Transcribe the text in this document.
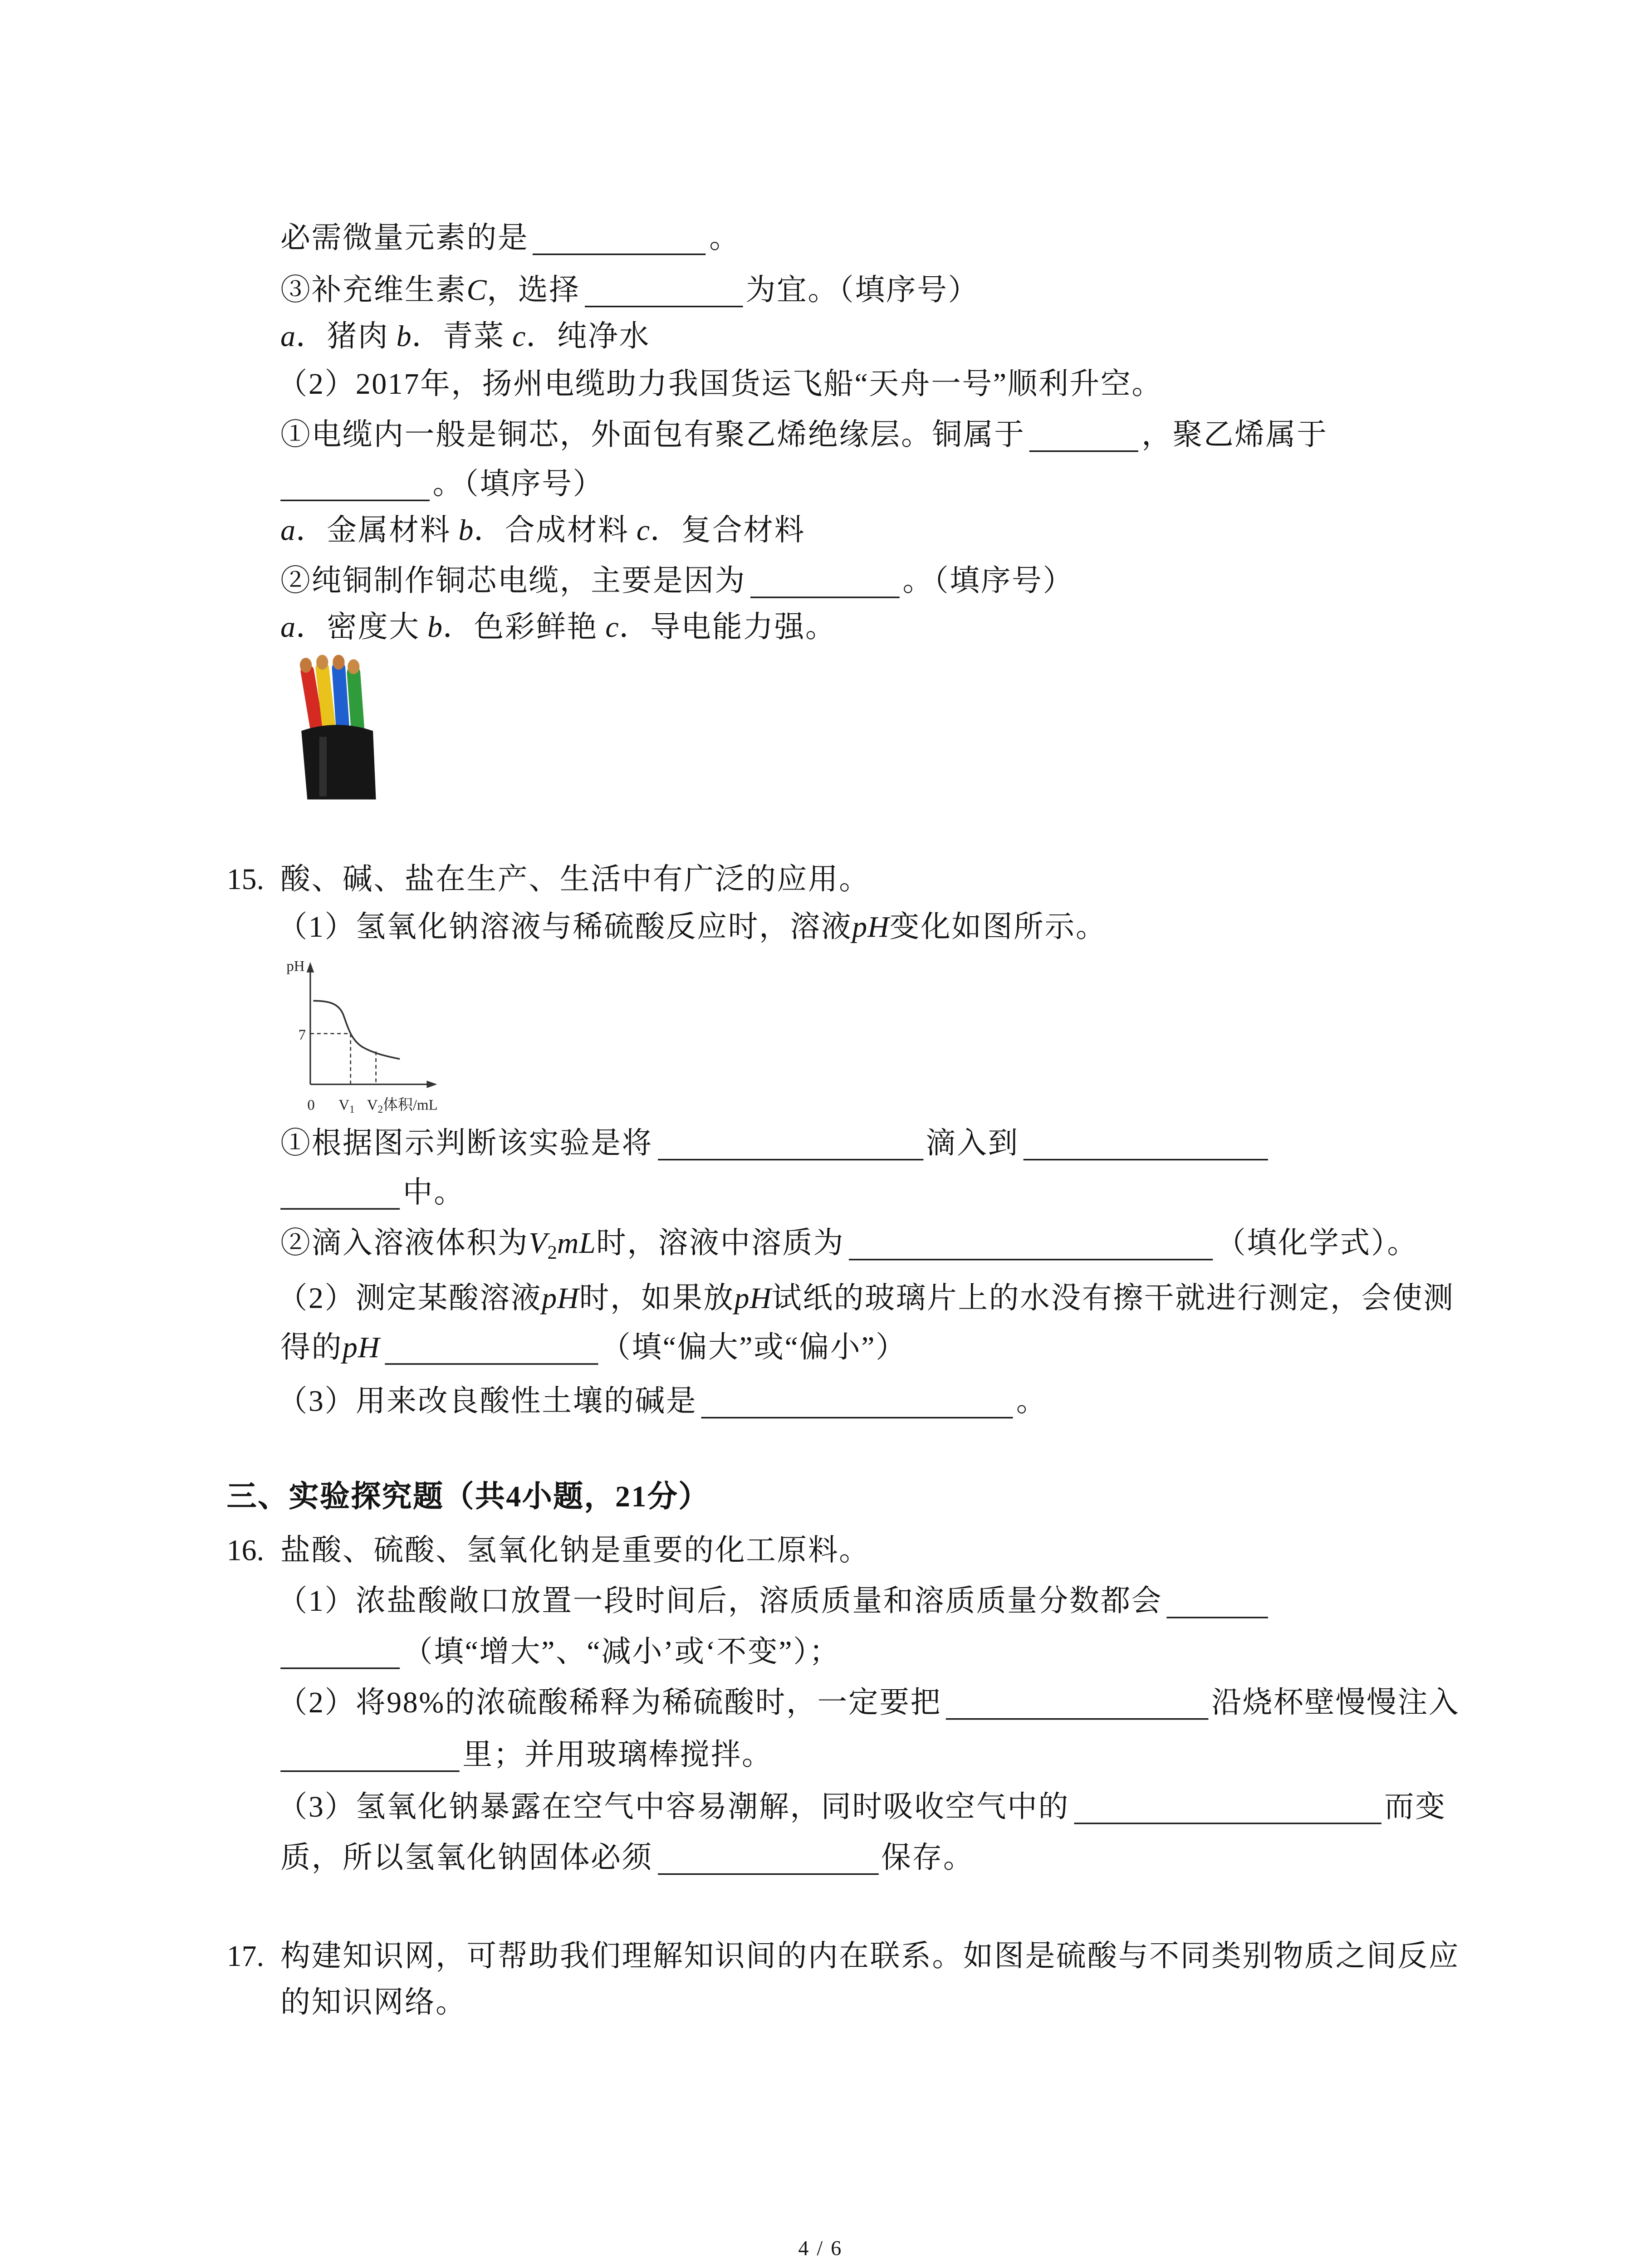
必需微量元素的是	。
③补充维生素C，选择	为宜。（填序号）
a．猪肉 b．青菜 c．纯净水
（2）2017年，扬州电缆助力我国货运飞船“天舟一号”顺利升空。
①电缆内一般是铜芯，外面包有聚乙烯绝缘层。铜属于	，聚乙烯属于
。（填序号）
a．金属材料 b．合成材料 c．复合材料
②纯铜制作铜芯电缆，主要是因为	。（填序号）
a．密度大 b．色彩鲜艳 c．导电能力强。
15. 酸、碱、盐在生产、生活中有广泛的应用。
（1）氢氧化钠溶液与稀硫酸反应时，溶液pH变化如图所示。
pH
7
0	$V_1$	$V_2$体积/mL
①根据图示判断该实验是将	滴入到
中。
②滴入溶液体积为$V_2mL$时，溶液中溶质为	（填化学式）。
（2）测定某酸溶液pH时，如果放pH试纸的玻璃片上的水没有擦干就进行测定，会使测
得的pH	（填“偏大”或“偏小”）
（3）用来改良酸性土壤的碱是	。
三、实验探究题（共4小题，21分）
16. 盐酸、硫酸、氢氧化钠是重要的化工原料。
（1）浓盐酸敞口放置一段时间后，溶质质量和溶质质量分数都会
（填“增大”、“减小’或‘不变”）；
（2）将98%的浓硫酸稀释为稀硫酸时，一定要把	沿烧杯壁慢慢注入
里；并用玻璃棒搅拌。
（3）氢氧化钠暴露在空气中容易潮解，同时吸收空气中的	而变
质，所以氢氧化钠固体必须	保存。
17. 构建知识网，可帮助我们理解知识间的内在联系。如图是硫酸与不同类别物质之间反应
的知识网络。
4 / 6
